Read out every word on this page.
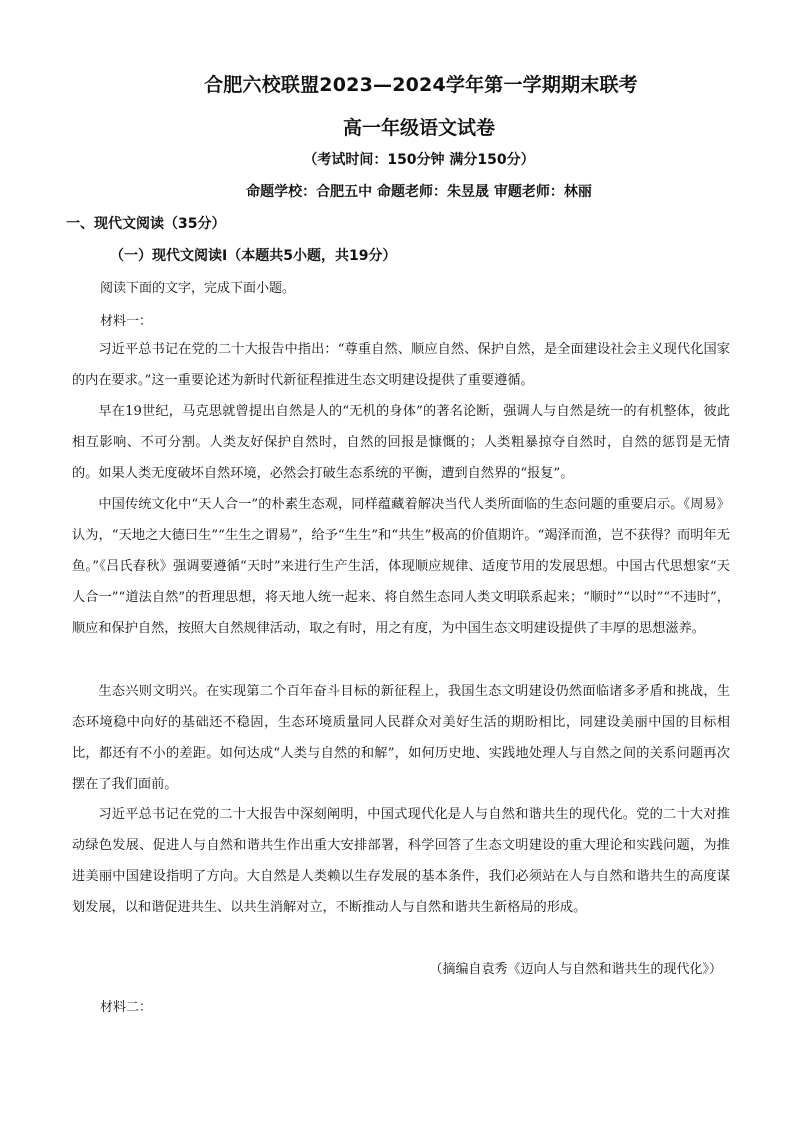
合肥六校联盟2023—2024学年第一学期期末联考
高一年级语文试卷
（考试时间：150分钟 满分150分）
命题学校：合肥五中 命题老师：朱昱晟 审题老师：林丽
一、现代文阅读（35分）
（一）现代文阅读Ⅰ（本题共5小题，共19分）
阅读下面的文字，完成下面小题。
材料一：

习近平总书记在党的二十大报告中指出：“尊重自然、顺应自然、保护自然，是全面建设社会主义现代化国家的内在要求。”这一重要论述为新时代新征程推进生态文明建设提供了重要遵循。

早在19世纪，马克思就曾提出自然是人的“无机的身体”的著名论断，强调人与自然是统一的有机整体，彼此相互影响、不可分割。人类友好保护自然时，自然的回报是慷慨的；人类粗暴掠夺自然时，自然的惩罚是无情的。如果人类无度破坏自然环境，必然会打破生态系统的平衡，遭到自然界的“报复”。

中国传统文化中“天人合一”的朴素生态观，同样蕴藏着解决当代人类所面临的生态问题的重要启示。《周易》认为，“天地之大德曰生”“生生之谓易”，给予“生生”和“共生”极高的价值期许。“竭泽而渔，岂不获得？而明年无鱼。”《吕氏春秋》强调要遵循“天时”来进行生产生活，体现顺应规律、适度节用的发展思想。中国古代思想家“天人合一”“道法自然”的哲理思想，将天地人统一起来、将自然生态同人类文明联系起来；“顺时”“以时”“不违时”，顺应和保护自然，按照大自然规律活动，取之有时，用之有度，为中国生态文明建设提供了丰厚的思想滋养。

生态兴则文明兴。在实现第二个百年奋斗目标的新征程上，我国生态文明建设仍然面临诸多矛盾和挑战，生态环境稳中向好的基础还不稳固，生态环境质量同人民群众对美好生活的期盼相比，同建设美丽中国的目标相比，都还有不小的差距。如何达成“人类与自然的和解”，如何历史地、实践地处理人与自然之间的关系问题再次摆在了我们面前。

习近平总书记在党的二十大报告中深刻阐明，中国式现代化是人与自然和谐共生的现代化。党的二十大对推动绿色发展、促进人与自然和谐共生作出重大安排部署，科学回答了生态文明建设的重大理论和实践问题，为推进美丽中国建设指明了方向。大自然是人类赖以生存发展的基本条件，我们必须站在人与自然和谐共生的高度谋划发展，以和谐促进共生、以共生消解对立，不断推动人与自然和谐共生新格局的形成。

（摘编自袁秀《迈向人与自然和谐共生的现代化》）
材料二：
